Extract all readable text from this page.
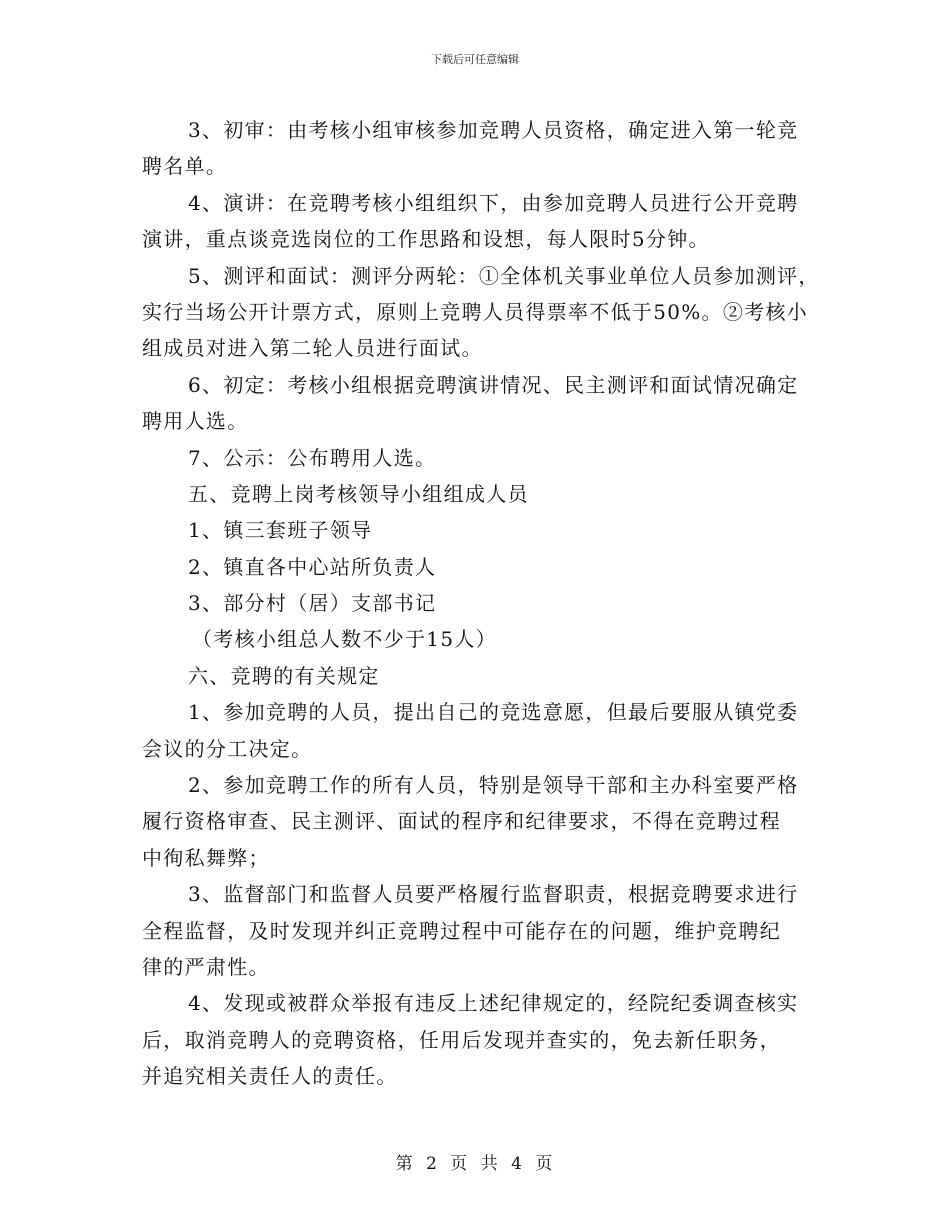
下载后可任意编辑
3、初审：由考核小组审核参加竞聘人员资格，确定进入第一轮竞
聘名单。
4、演讲：在竞聘考核小组组织下，由参加竞聘人员进行公开竞聘
演讲，重点谈竞选岗位的工作思路和设想，每人限时5分钟。
5、测评和面试：测评分两轮：①全体机关事业单位人员参加测评，
实行当场公开计票方式，原则上竞聘人员得票率不低于50%。②考核小
组成员对进入第二轮人员进行面试。
6、初定：考核小组根据竞聘演讲情况、民主测评和面试情况确定
聘用人选。
7、公示：公布聘用人选。
五、竞聘上岗考核领导小组组成人员
1、镇三套班子领导
2、镇直各中心站所负责人
3、部分村（居）支部书记
（考核小组总人数不少于15人）
六、竞聘的有关规定
1、参加竞聘的人员，提出自己的竞选意愿，但最后要服从镇党委
会议的分工决定。
2、参加竞聘工作的所有人员，特别是领导干部和主办科室要严格
履行资格审查、民主测评、面试的程序和纪律要求，不得在竞聘过程
中徇私舞弊；
3、监督部门和监督人员要严格履行监督职责，根据竞聘要求进行
全程监督，及时发现并纠正竞聘过程中可能存在的问题，维护竞聘纪
律的严肃性。
4、发现或被群众举报有违反上述纪律规定的，经院纪委调查核实
后，取消竞聘人的竞聘资格，任用后发现并查实的，免去新任职务，
并追究相关责任人的责任。
第 2 页 共 4 页
